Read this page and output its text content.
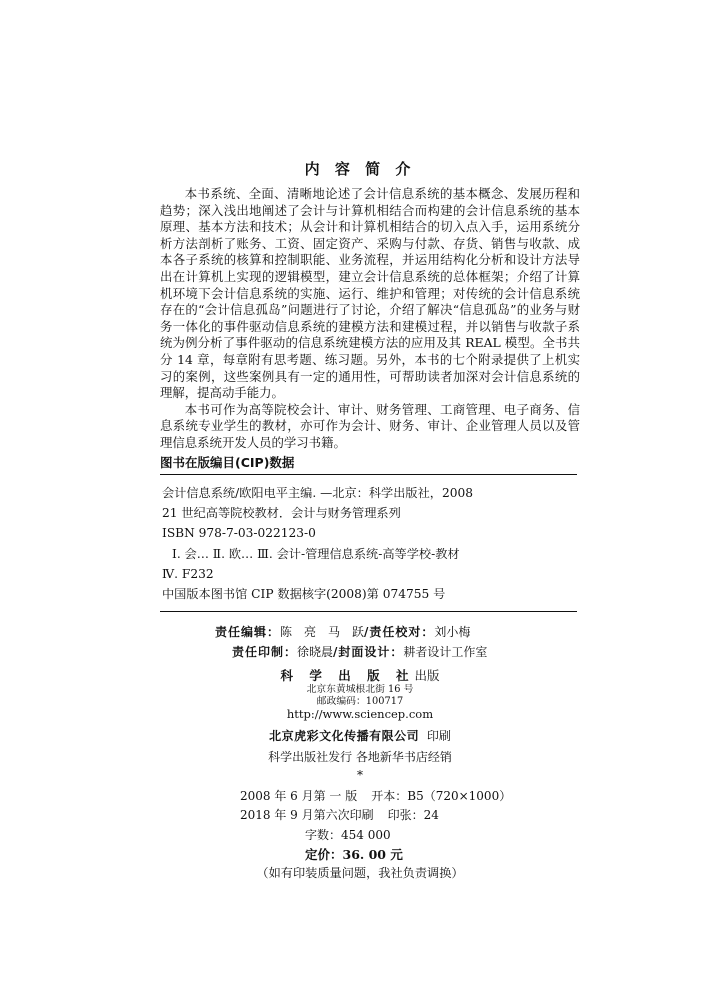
内 容 简 介

本书系统、全面、清晰地论述了会计信息系统的基本概念、发展历程和趋势；深入浅出地阐述了会计与计算机相结合而构建的会计信息系统的基本原理、基本方法和技术；从会计和计算机相结合的切入点入手，运用系统分析方法剖析了账务、工资、固定资产、采购与付款、存货、销售与收款、成本各子系统的核算和控制职能、业务流程，并运用结构化分析和设计方法导出在计算机上实现的逻辑模型，建立会计信息系统的总体框架；介绍了计算机环境下会计信息系统的实施、运行、维护和管理；对传统的会计信息系统存在的“会计信息孤岛”问题进行了讨论，介绍了解决“信息孤岛”的业务与财务一体化的事件驱动信息系统的建模方法和建模过程，并以销售与收款子系统为例分析了事件驱动的信息系统建模方法的应用及其 REAL 模型。全书共分 14 章，每章附有思考题、练习题。另外，本书的七个附录提供了上机实习的案例，这些案例具有一定的通用性，可帮助读者加深对会计信息系统的理解，提高动手能力。

本书可作为高等院校会计、审计、财务管理、工商管理、电子商务、信息系统专业学生的教材，亦可作为会计、财务、审计、企业管理人员以及管理信息系统开发人员的学习书籍。

图书在版编目(CIP)数据
会计信息系统/欧阳电平主编. —北京：科学出版社，2008
21 世纪高等院校教材．会计与财务管理系列
ISBN 978-7-03-022123-0
Ⅰ. 会… Ⅱ. 欧… Ⅲ. 会计-管理信息系统-高等学校-教材
Ⅳ. F232
中国版本图书馆 CIP 数据核字(2008)第 074755 号
责任编辑：陈　亮　马　跃/责任校对：刘小梅
责任印制：徐晓晨/封面设计：耕者设计工作室
科 学 出 版 社出版
北京东黄城根北街 16 号
邮政编码：100717
http://www.sciencep.com
北京虎彩文化传播有限公司 印刷
科学出版社发行 各地新华书店经销
*
2008 年 6 月第 一 版 开本：B5（720×1000）
2018 年 9 月第六次印刷 印张：24
字数：454 000
定价：36. 00 元
（如有印装质量问题，我社负责调换）
